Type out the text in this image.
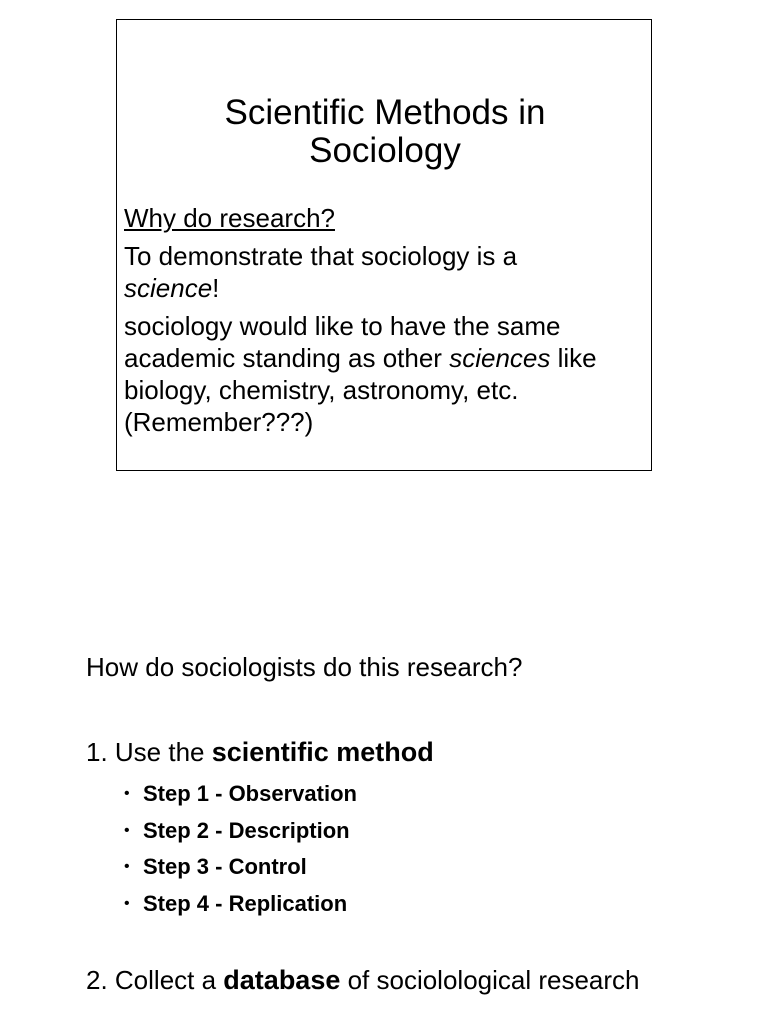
Scientific Methods in
Sociology

Why do research?

To demonstrate that sociology is a
science!

sociology would like to have the same academic standing as other sciences like biology, chemistry, astronomy, etc. (Remember???)

How do sociologists do this research?

1. Use the scientific method

• Step 1 - Observation
• Step 2 - Description
• Step 3 - Control
• Step 4 - Replication

2. Collect a database of sociolological research
